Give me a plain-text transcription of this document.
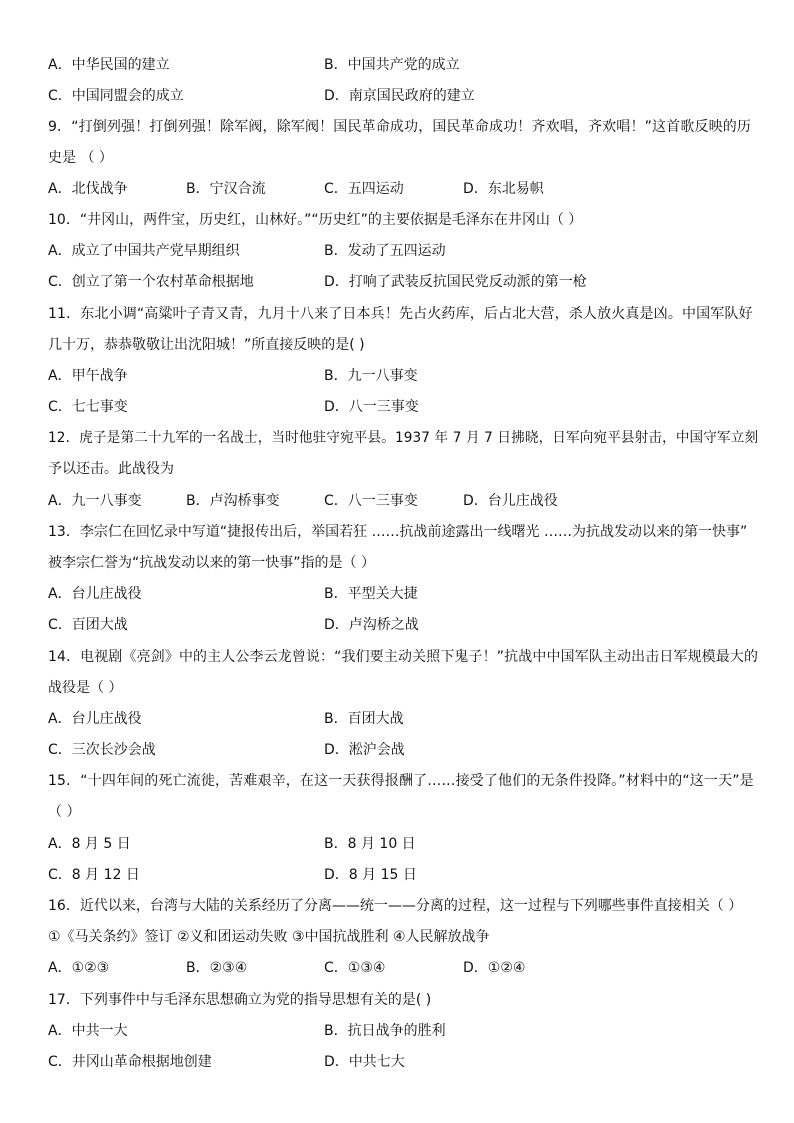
A．中华民国的建立	B．中国共产党的成立
C．中国同盟会的成立	D．南京国民政府的建立
9．“打倒列强！打倒列强！除军阀，除军阀！国民革命成功，国民革命成功！齐欢唱，齐欢唱！”这首歌反映的历
史是 （ ）
A．北伐战争	B．宁汉合流	C．五四运动	D．东北易帜
10．“井冈山，两件宝，历史红，山林好。”“历史红”的主要依据是毛泽东在井冈山（ ）
A．成立了中国共产党早期组织	B．发动了五四运动
C．创立了第一个农村革命根据地	D．打响了武装反抗国民党反动派的第一枪
11．东北小调“高粱叶子青又青，九月十八来了日本兵！先占火药库，后占北大营，杀人放火真是凶。中国军队好
几十万，恭恭敬敬让出沈阳城！”所直接反映的是( )
A．甲午战争	B．九一八事变
C．七七事变	D．八一三事变
12．虎子是第二十九军的一名战士，当时他驻守宛平县。1937 年 7 月 7 日拂晓，日军向宛平县射击，中国守军立刻
予以还击。此战役为
A．九一八事变	B．卢沟桥事变	C．八一三事变	D．台儿庄战役
13．李宗仁在回忆录中写道“捷报传出后，举国若狂 ……抗战前途露出一线曙光 ……为抗战发动以来的第一快事”
被李宗仁誉为“抗战发动以来的第一快事”指的是（ ）
A．台儿庄战役	B．平型关大捷
C．百团大战	D．卢沟桥之战
14．电视剧《亮剑》中的主人公李云龙曾说：“我们要主动关照下鬼子！”抗战中中国军队主动出击日军规模最大的
战役是（ ）
A．台儿庄战役	B．百团大战
C．三次长沙会战	D．淞沪会战
15．“十四年间的死亡流徙，苦难艰辛，在这一天获得报酬了……接受了他们的无条件投降。”材料中的“这一天”是
（ ）
A．8 月 5 日	B．8 月 10 日
C．8 月 12 日	D．8 月 15 日
16．近代以来，台湾与大陆的关系经历了分离——统一——分离的过程，这一过程与下列哪些事件直接相关（ ）
①《马关条约》签订 ②义和团运动失败 ③中国抗战胜利 ④人民解放战争
A．①②③	B．②③④	C．①③④	D．①②④
17．下列事件中与毛泽东思想确立为党的指导思想有关的是( )
A．中共一大	B．抗日战争的胜利
C．井冈山革命根据地创建	D．中共七大
